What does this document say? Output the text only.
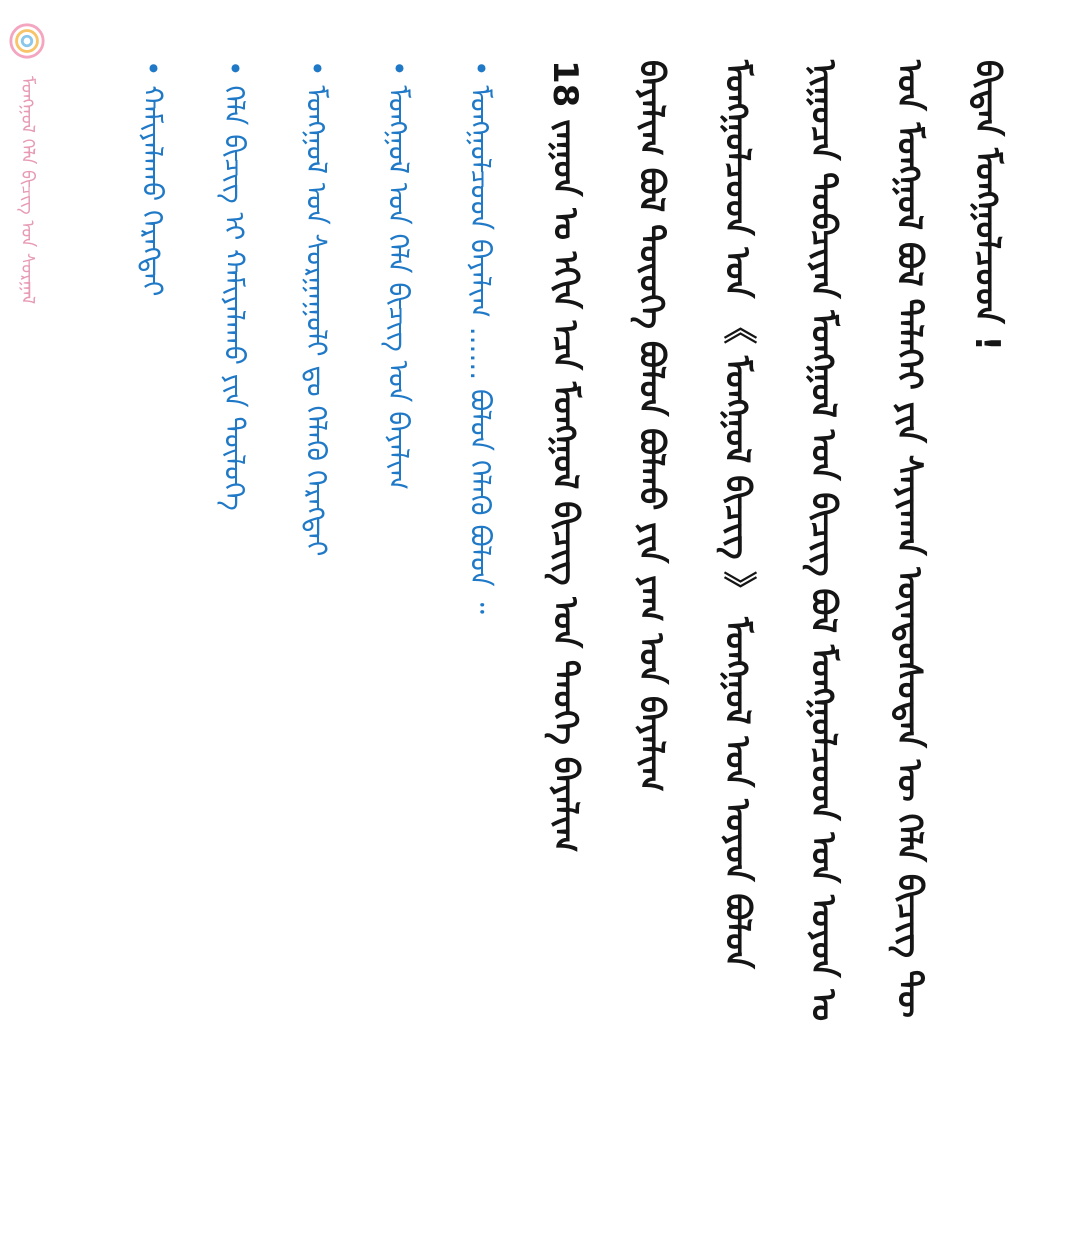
ᠮᠣᠩᠭᠣᠯ ᠬᠡᠯᠡ ᠪᠢᠴᠢᠭ ᠤᠨ ᠰᠤᠷᠭᠠᠯ	• ᠬᠠᠮᠢᠶᠠᠯᠠᠬᠤ ᠬᠡᠷᠡᠭᠲᠡᠢ • ᠬᠡᠯᠡ ᠪᠢᠴᠢᠭ ᠢ ᠬᠠᠮᠢᠶᠠᠯᠠᠬᠤ ᠶᠢᠨ ᠲᠥᠯᠥᠭᠡ • ᠮᠣᠩᠭᠣᠯ ᠤᠨ ᠰᠤᠷᠭᠠᠭᠤᠯᠢ ᠳᠤ ᠬᠡᠯᠡᠬᠦ ᠬᠡᠷᠡᠭᠲᠡᠢ • ᠮᠣᠩᠭᠣᠯ ᠤᠨ ᠬᠡᠯᠡ ᠪᠢᠴᠢᠭ ᠤᠨ ᠪᠠᠶᠠᠯᠢᠭ • ᠮᠣᠩᠭᠣᠯᠴᠤᠳ ᠪᠠᠶᠠᠯᠢᠭ ...... ᠪᠣᠯᠤᠨ ᠬᠡᠯᠡᠬᠦ ᠪᠣᠯᠤᠨ ᠃ 18 ᠵᠠᠭᠤᠨ ᠤ ᠡᠬᠢᠨ ᠡᠴᠡ ᠮᠣᠩᠭᠣᠯ ᠪᠢᠴᠢᠭ ᠤᠨ ᠲᠡᠦᠬᠡ ᠪᠠᠶᠠᠯᠢᠭ ᠪᠠᠶᠠᠯᠢᠭ ᠪᠣᠯ ᠲᠦᠦᠬᠡ ᠪᠣᠯᠤᠨ ᠪᠣᠯᠬᠤ ᠶᠢᠨ ᠶᠠᠭ ᠤᠨ ᠪᠠᠶᠠᠯᠢᠭ ᠮᠣᠩᠭᠣᠯᠴᠤᠳ ᠤᠨ 《 ᠮᠣᠩᠭᠣᠯ ᠪᠢᠴᠢᠭ 》 ᠮᠣᠩᠭᠣᠯ ᠤᠨ ᠣᠶᠤᠨ ᠪᠣᠯᠤᠨ ᠨᠢᠭᠤᠴᠠ ᠲᠣᠪᠴᠢᠶᠠᠨ ᠮᠣᠩᠭᠣᠯ ᠤᠨ ᠪᠢᠴᠢᠭ ᠪᠣᠯ ᠮᠣᠩᠭᠣᠯᠴᠤᠳ ᠤᠨ ᠣᠶᠤᠨ ᠤ ᠤᠨ ᠮᠣᠩᠭᠣᠯ ᠪᠣᠯ ᠳᠡᠯᠡᠬᠡᠢ ᠶᠢᠨ ᠰᠠᠶᠢᠬᠠᠨ ᠦᠨᠳᠦᠰᠦᠲᠡᠨ ᠦ ᠬᠡᠯᠡ ᠪᠢᠴᠢᠭ ᠲᠦ ᠪᠢᠳᠡᠨ ᠮᠣᠩᠭᠣᠯᠴᠤᠳ !
